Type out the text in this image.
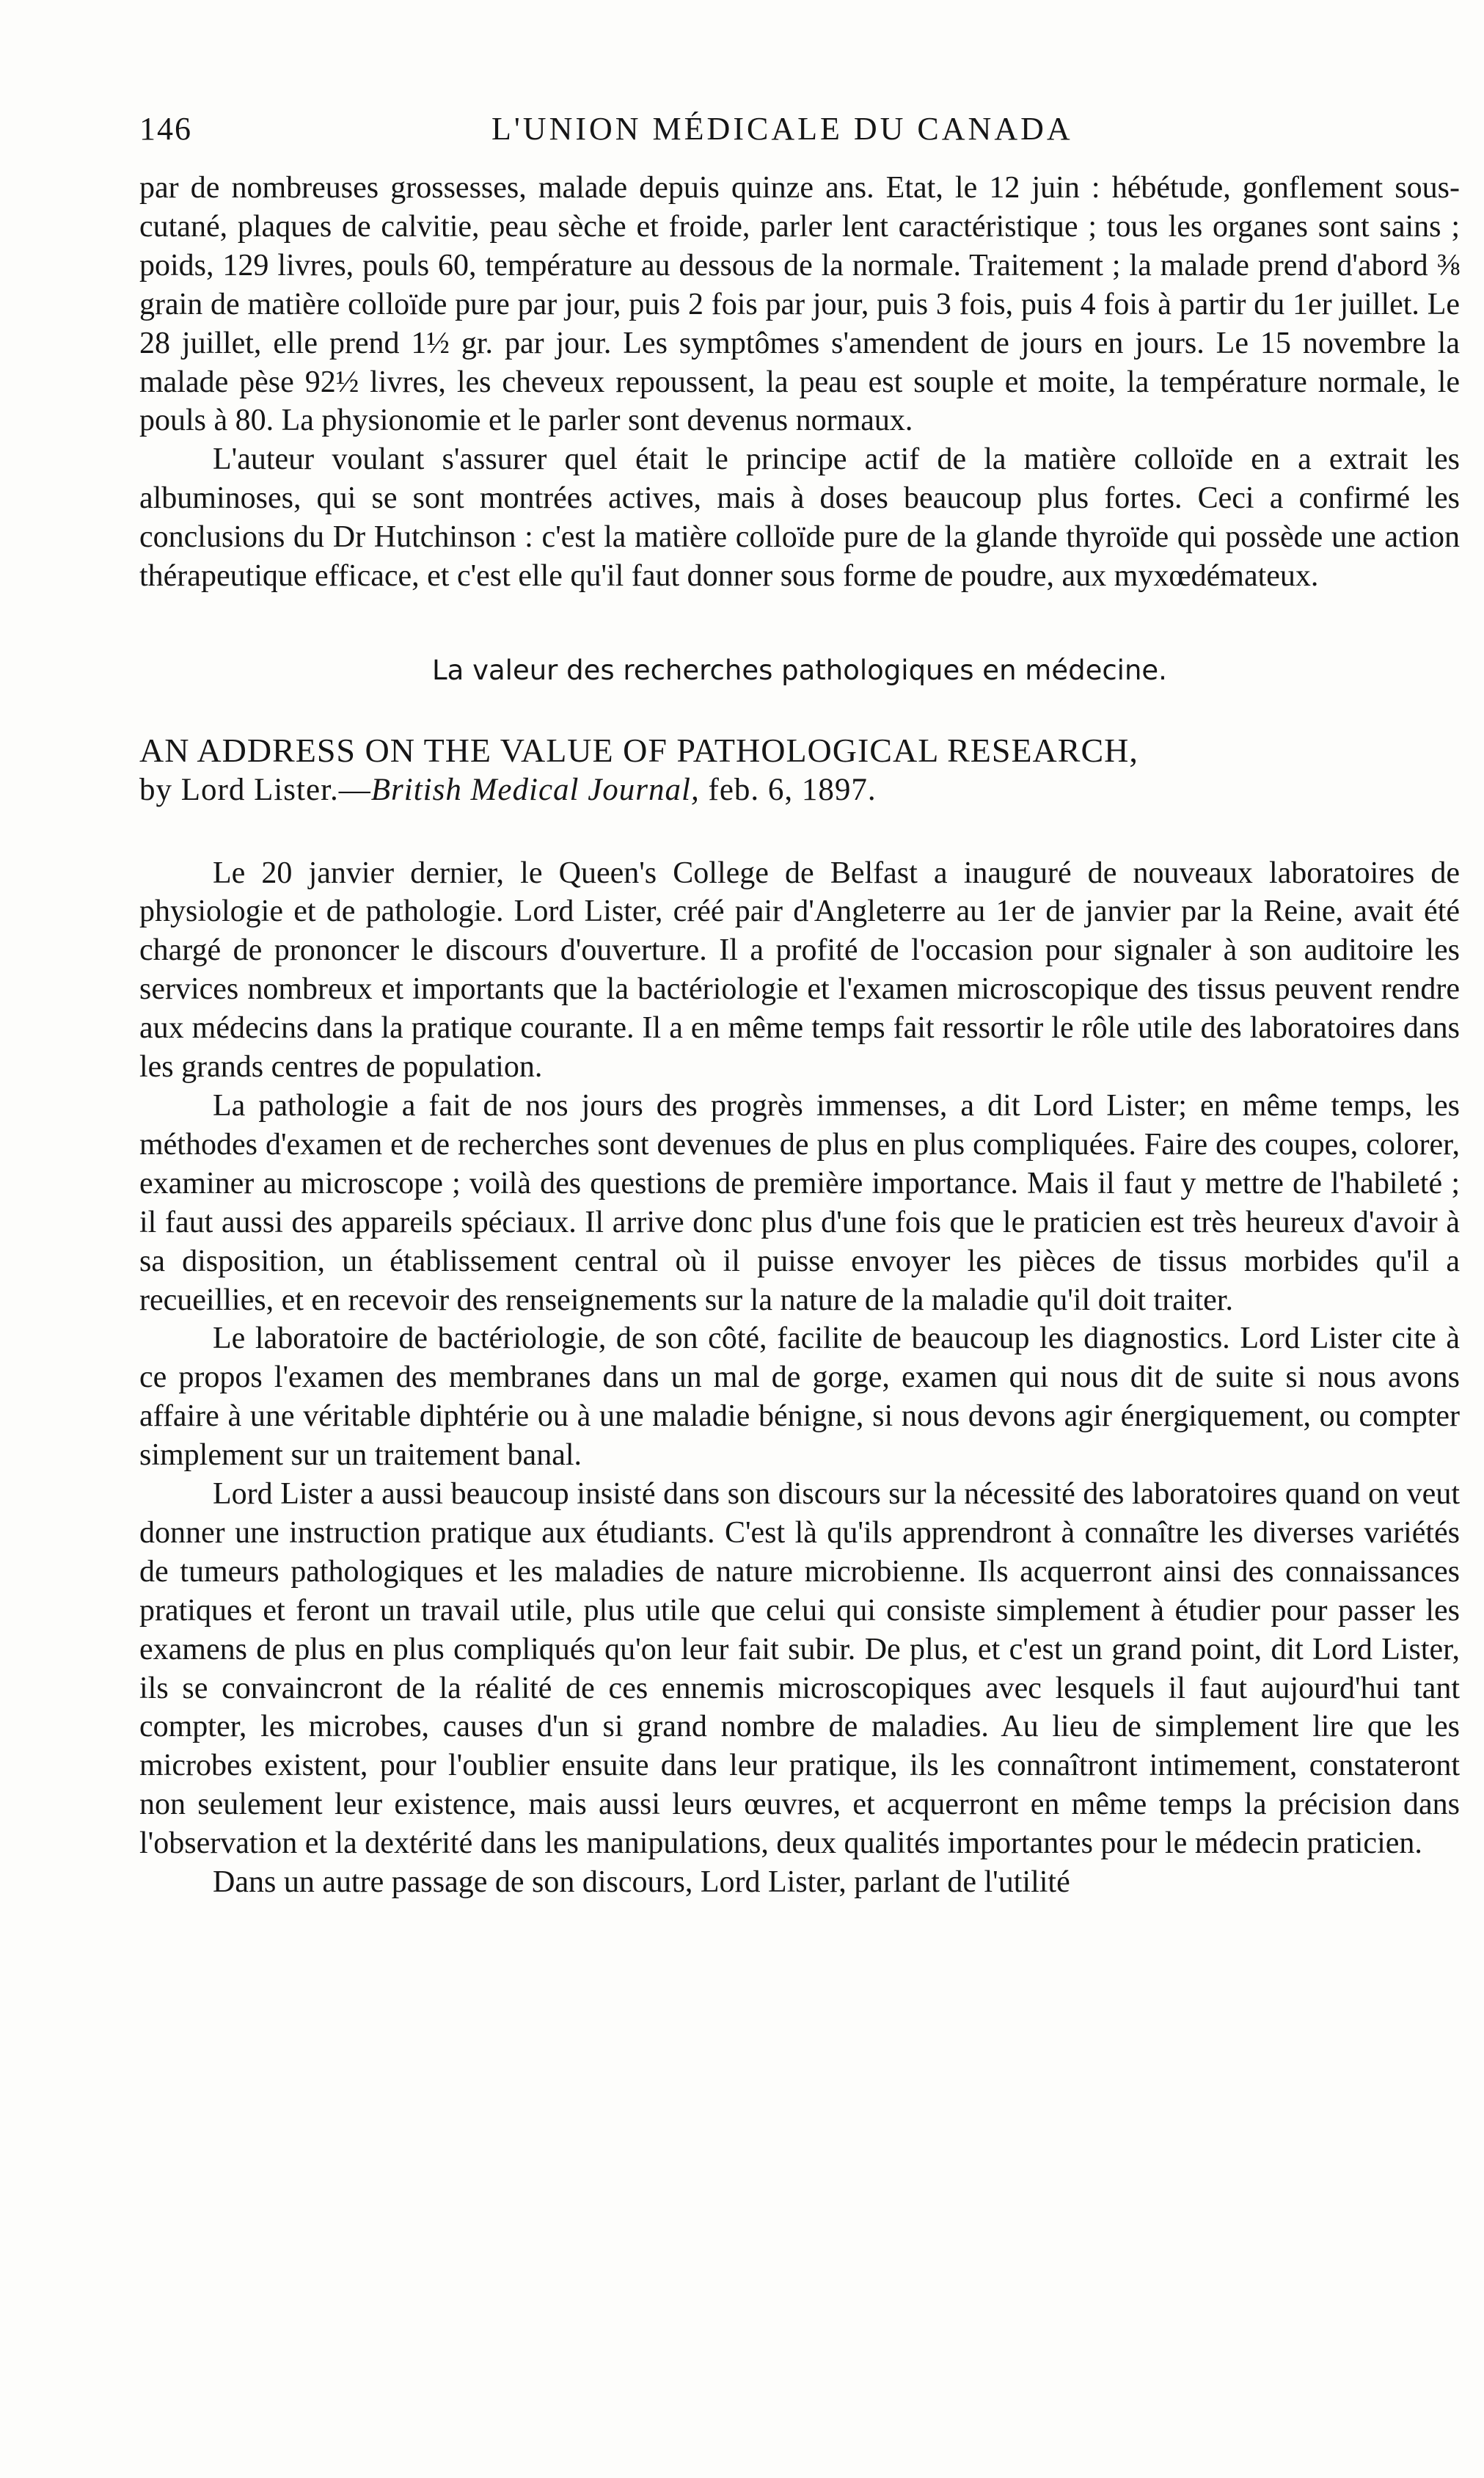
146	L'UNION MÉDICALE DU CANADA

par de nombreuses grossesses, malade depuis quinze ans. Etat, le 12 juin : hébétude, gonflement sous-cutané, plaques de calvitie, peau sèche et froide, parler lent caractéristique ; tous les organes sont sains ; poids, 129 livres, pouls 60, température au dessous de la normale. Traitement ; la malade prend d'abord ⅜ grain de matière colloïde pure par jour, puis 2 fois par jour, puis 3 fois, puis 4 fois à partir du 1er juillet. Le 28 juillet, elle prend 1½ gr. par jour. Les symptômes s'amendent de jours en jours. Le 15 novembre la malade pèse 92½ livres, les cheveux repoussent, la peau est souple et moite, la température normale, le pouls à 80. La physionomie et le parler sont devenus normaux.

L'auteur voulant s'assurer quel était le principe actif de la matière colloïde en a extrait les albuminoses, qui se sont montrées actives, mais à doses beaucoup plus fortes. Ceci a confirmé les conclusions du Dr Hutchinson : c'est la matière colloïde pure de la glande thyroïde qui possède une action thérapeutique efficace, et c'est elle qu'il faut donner sous forme de poudre, aux myxœdémateux.

La valeur des recherches pathologiques en médecine.
AN ADDRESS ON THE VALUE OF PATHOLOGICAL RESEARCH,
by Lord Lister.—British Medical Journal, feb. 6, 1897.

Le 20 janvier dernier, le Queen's College de Belfast a inauguré de nouveaux laboratoires de physiologie et de pathologie. Lord Lister, créé pair d'Angleterre au 1er de janvier par la Reine, avait été chargé de prononcer le discours d'ouverture. Il a profité de l'occasion pour signaler à son auditoire les services nombreux et importants que la bactériologie et l'examen microscopique des tissus peuvent rendre aux médecins dans la pratique courante. Il a en même temps fait ressortir le rôle utile des laboratoires dans les grands centres de population.

La pathologie a fait de nos jours des progrès immenses, a dit Lord Lister; en même temps, les méthodes d'examen et de recherches sont devenues de plus en plus compliquées. Faire des coupes, colorer, examiner au microscope ; voilà des questions de première importance. Mais il faut y mettre de l'habileté ; il faut aussi des appareils spéciaux. Il arrive donc plus d'une fois que le praticien est très heureux d'avoir à sa disposition, un établissement central où il puisse envoyer les pièces de tissus morbides qu'il a recueillies, et en recevoir des renseignements sur la nature de la maladie qu'il doit traiter.

Le laboratoire de bactériologie, de son côté, facilite de beaucoup les diagnostics. Lord Lister cite à ce propos l'examen des membranes dans un mal de gorge, examen qui nous dit de suite si nous avons affaire à une véritable diphtérie ou à une maladie bénigne, si nous devons agir énergiquement, ou compter simplement sur un traitement banal.

Lord Lister a aussi beaucoup insisté dans son discours sur la nécessité des laboratoires quand on veut donner une instruction pratique aux étudiants. C'est là qu'ils apprendront à connaître les diverses variétés de tumeurs pathologiques et les maladies de nature microbienne. Ils acquerront ainsi des connaissances pratiques et feront un travail utile, plus utile que celui qui consiste simplement à étudier pour passer les examens de plus en plus compliqués qu'on leur fait subir. De plus, et c'est un grand point, dit Lord Lister, ils se convaincront de la réalité de ces ennemis microscopiques avec lesquels il faut aujourd'hui tant compter, les microbes, causes d'un si grand nombre de maladies. Au lieu de simplement lire que les microbes existent, pour l'oublier ensuite dans leur pratique, ils les connaîtront intimement, constateront non seulement leur existence, mais aussi leurs œuvres, et acquerront en même temps la précision dans l'observation et la dextérité dans les manipulations, deux qualités importantes pour le médecin praticien.

Dans un autre passage de son discours, Lord Lister, parlant de l'utilité
